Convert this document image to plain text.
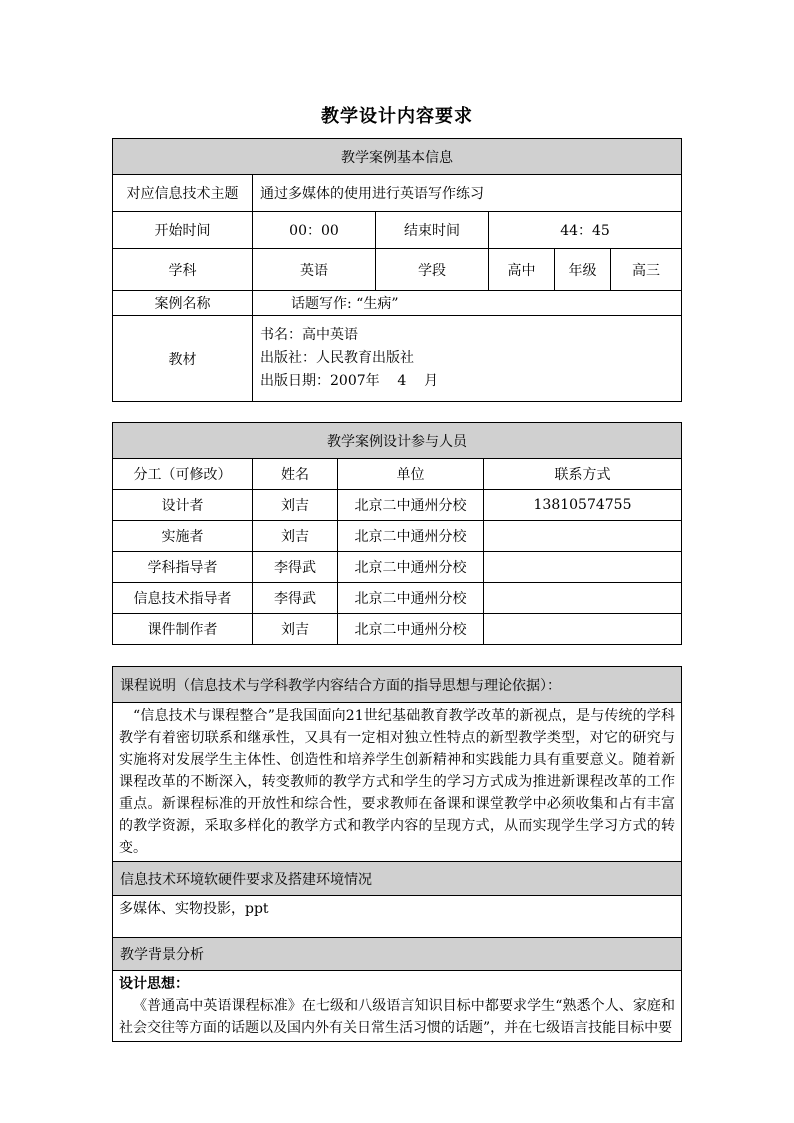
教学设计内容要求
教学案例基本信息					
对应信息技术主题	通过多媒体的使用进行英语写作练习				
开始时间	00：00	结束时间	44：45		
学科	英语	学段	高中	年级	高三
案例名称	话题写作: “生病”				
教材	书名：高中英语
出版社：人民教育出版社
出版日期：2007年    4    月				
教学案例设计参与人员			
分工（可修改）	姓名	单位	联系方式
设计者	刘吉	北京二中通州分校	13810574755
实施者	刘吉	北京二中通州分校	
学科指导者	李得武	北京二中通州分校	
信息技术指导者	李得武	北京二中通州分校	
课件制作者	刘吉	北京二中通州分校	
课程说明（信息技术与学科教学内容结合方面的指导思想与理论依据）：
“信息技术与课程整合”是我国面向21世纪基础教育教学改革的新视点，是与传统的学科教学有着密切联系和继承性，又具有一定相对独立性特点的新型教学类型，对它的研究与实施将对发展学生主体性、创造性和培养学生创新精神和实践能力具有重要意义。随着新课程改革的不断深入，转变教师的教学方式和学生的学习方式成为推进新课程改革的工作重点。新课程标准的开放性和综合性，要求教师在备课和课堂教学中必须收集和占有丰富的教学资源，采取多样化的教学方式和教学内容的呈现方式，从而实现学生学习方式的转变。
信息技术环境软硬件要求及搭建环境情况
多媒体、实物投影，ppt
教学背景分析

设计思想：
《普通高中英语课程标准》在七级和八级语言知识目标中都要求学生“熟悉个人、家庭和社会交往等方面的话题以及国内外有关日常生活习惯的话题”，并在七级语言技能目标中要
